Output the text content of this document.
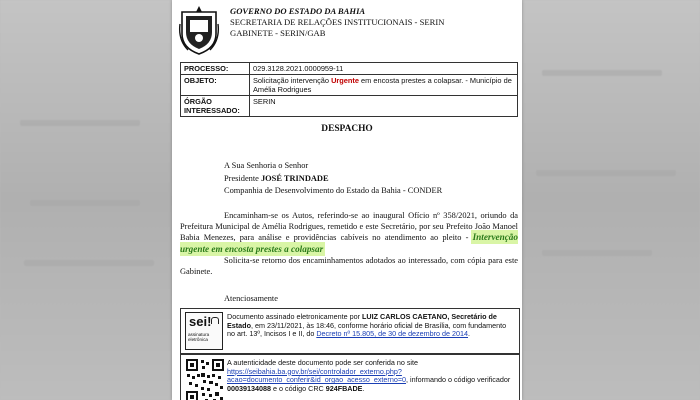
GOVERNO DO ESTADO DA BAHIA
SECRETARIA DE RELAÇÕES INSTITUCIONAIS - SERIN
GABINETE - SERIN/GAB
PROCESSO:	029.3128.2021.0000959-11
OBJETO:	Solicitação intervenção Urgente em encosta prestes a colapsar. - Município de Amélia Rodrigues
ÓRGÃO INTERESSADO:	SERIN
DESPACHO
A Sua Senhoria o Senhor
Presidente JOSÉ TRINDADE
Companhia de Desenvolvimento do Estado da Bahia - CONDER

Encaminham-se os Autos, referindo-se ao inaugural Ofício nº 358/2021, oriundo da Prefeitura Municipal de Amélia Rodrigues, remetido e este Secretário, por seu Prefeito João Manoel Babia Menezes, para análise e providências cabíveis no atendimento ao pleito - Intervenção urgente em encosta prestes a colapsar

Solicita-se retorno dos encaminhamentos adotados ao interessado, com cópia para este Gabinete.

Atenciosamente
sei!
assinatura eletrônica
Documento assinado eletronicamente por LUIZ CARLOS CAETANO, Secretário de Estado, em 23/11/2021, às 18:46, conforme horário oficial de Brasília, com fundamento no art. 13º, Incisos I e II, do Decreto nº 15.805, de 30 de dezembro de 2014.
A autenticidade deste documento pode ser conferida no site https://seibahia.ba.gov.br/sei/controlador_externo.php?acao=documento_conferir&id_orgao_acesso_externo=0, informando o código verificador 00039134088 e o código CRC 924FBADE.
